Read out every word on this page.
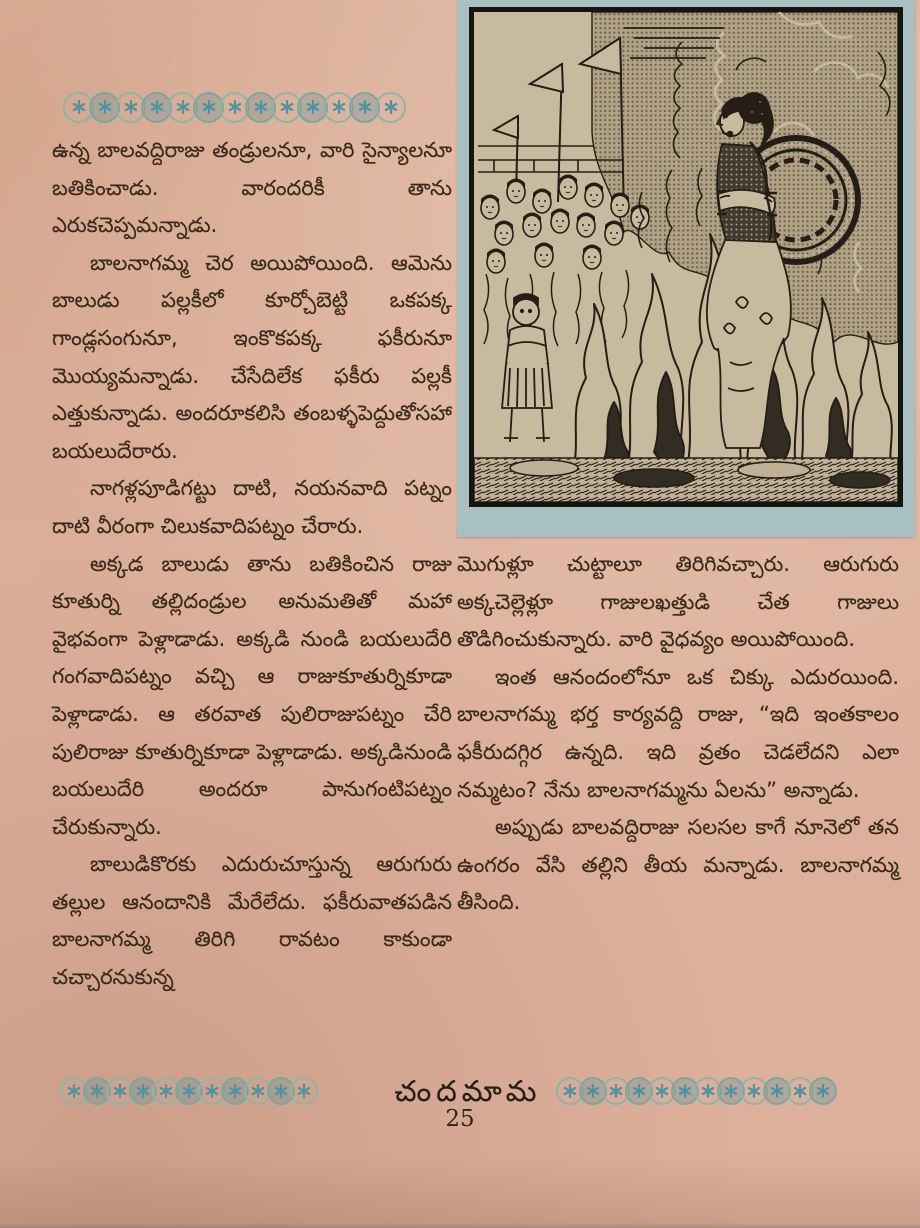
ఉన్న బాలవద్దిరాజు తండ్రులనూ, వారి సైన్యాలనూ బతికించాడు. వారందరికీ తాను ఎరుకచెప్పమన్నాడు.

బాలనాగమ్మ చెర అయిపోయింది. ఆమెను బాలుడు పల్లకీలో కూర్చోబెట్టి ఒకపక్క గాండ్లసంగునూ, ఇంకొకపక్క ఫకీరునూ మొయ్యమన్నాడు. చేసేదిలేక ఫకీరు పల్లకీ ఎత్తుకున్నాడు. అందరూకలిసి తంబళ్ళపెద్దుతోసహా బయలుదేరారు.

నాగళ్లపూడిగట్టు దాటి, నయనవాది పట్నం దాటి వీరంగా చిలుకవాదిపట్నం చేరారు.

అక్కడ బాలుడు తాను బతికించిన రాజు కూతుర్ని తల్లిదండ్రుల అనుమతితో మహా వైభవంగా పెళ్లాడాడు. అక్కడి నుండి బయలుదేరి గంగవాదిపట్నం వచ్చి ఆ రాజుకూతుర్నికూడా పెళ్లాడాడు. ఆ తరవాత పులిరాజుపట్నం చేరి పులిరాజు కూతుర్నికూడా పెళ్లాడాడు. అక్కడినుండి బయలుదేరి అందరూ పానుగంటిపట్నం చేరుకున్నారు.

బాలుడికొరకు ఎదురుచూస్తున్న ఆరుగురు తల్లుల ఆనందానికి మేరేలేదు. ఫకీరువాతపడిన బాలనాగమ్మ తిరిగి రావటం కాకుండా చచ్చారనుకున్న

మొగుళ్లూ చుట్టాలూ తిరిగివచ్చారు. ఆరుగురు అక్కచెల్లెళ్లూ గాజులఖత్తుడి చేత గాజులు తొడిగించుకున్నారు. వారి వైధవ్యం అయిపోయింది.

ఇంత ఆనందంలోనూ ఒక చిక్కు ఎదురయింది. బాలనాగమ్మ భర్త కార్యవద్ది రాజు, “ఇది ఇంతకాలం ఫకీరుదగ్గిర ఉన్నది. ఇది వ్రతం చెడలేదని ఎలా నమ్మటం? నేను బాలనాగమ్మను ఏలను” అన్నాడు.

అప్పుడు బాలవద్దిరాజు సలసల కాగే నూనెలో తన ఉంగరం వేసి తల్లిని తీయ మన్నాడు. బాలనాగమ్మ తీసింది.

చందమామ
25
